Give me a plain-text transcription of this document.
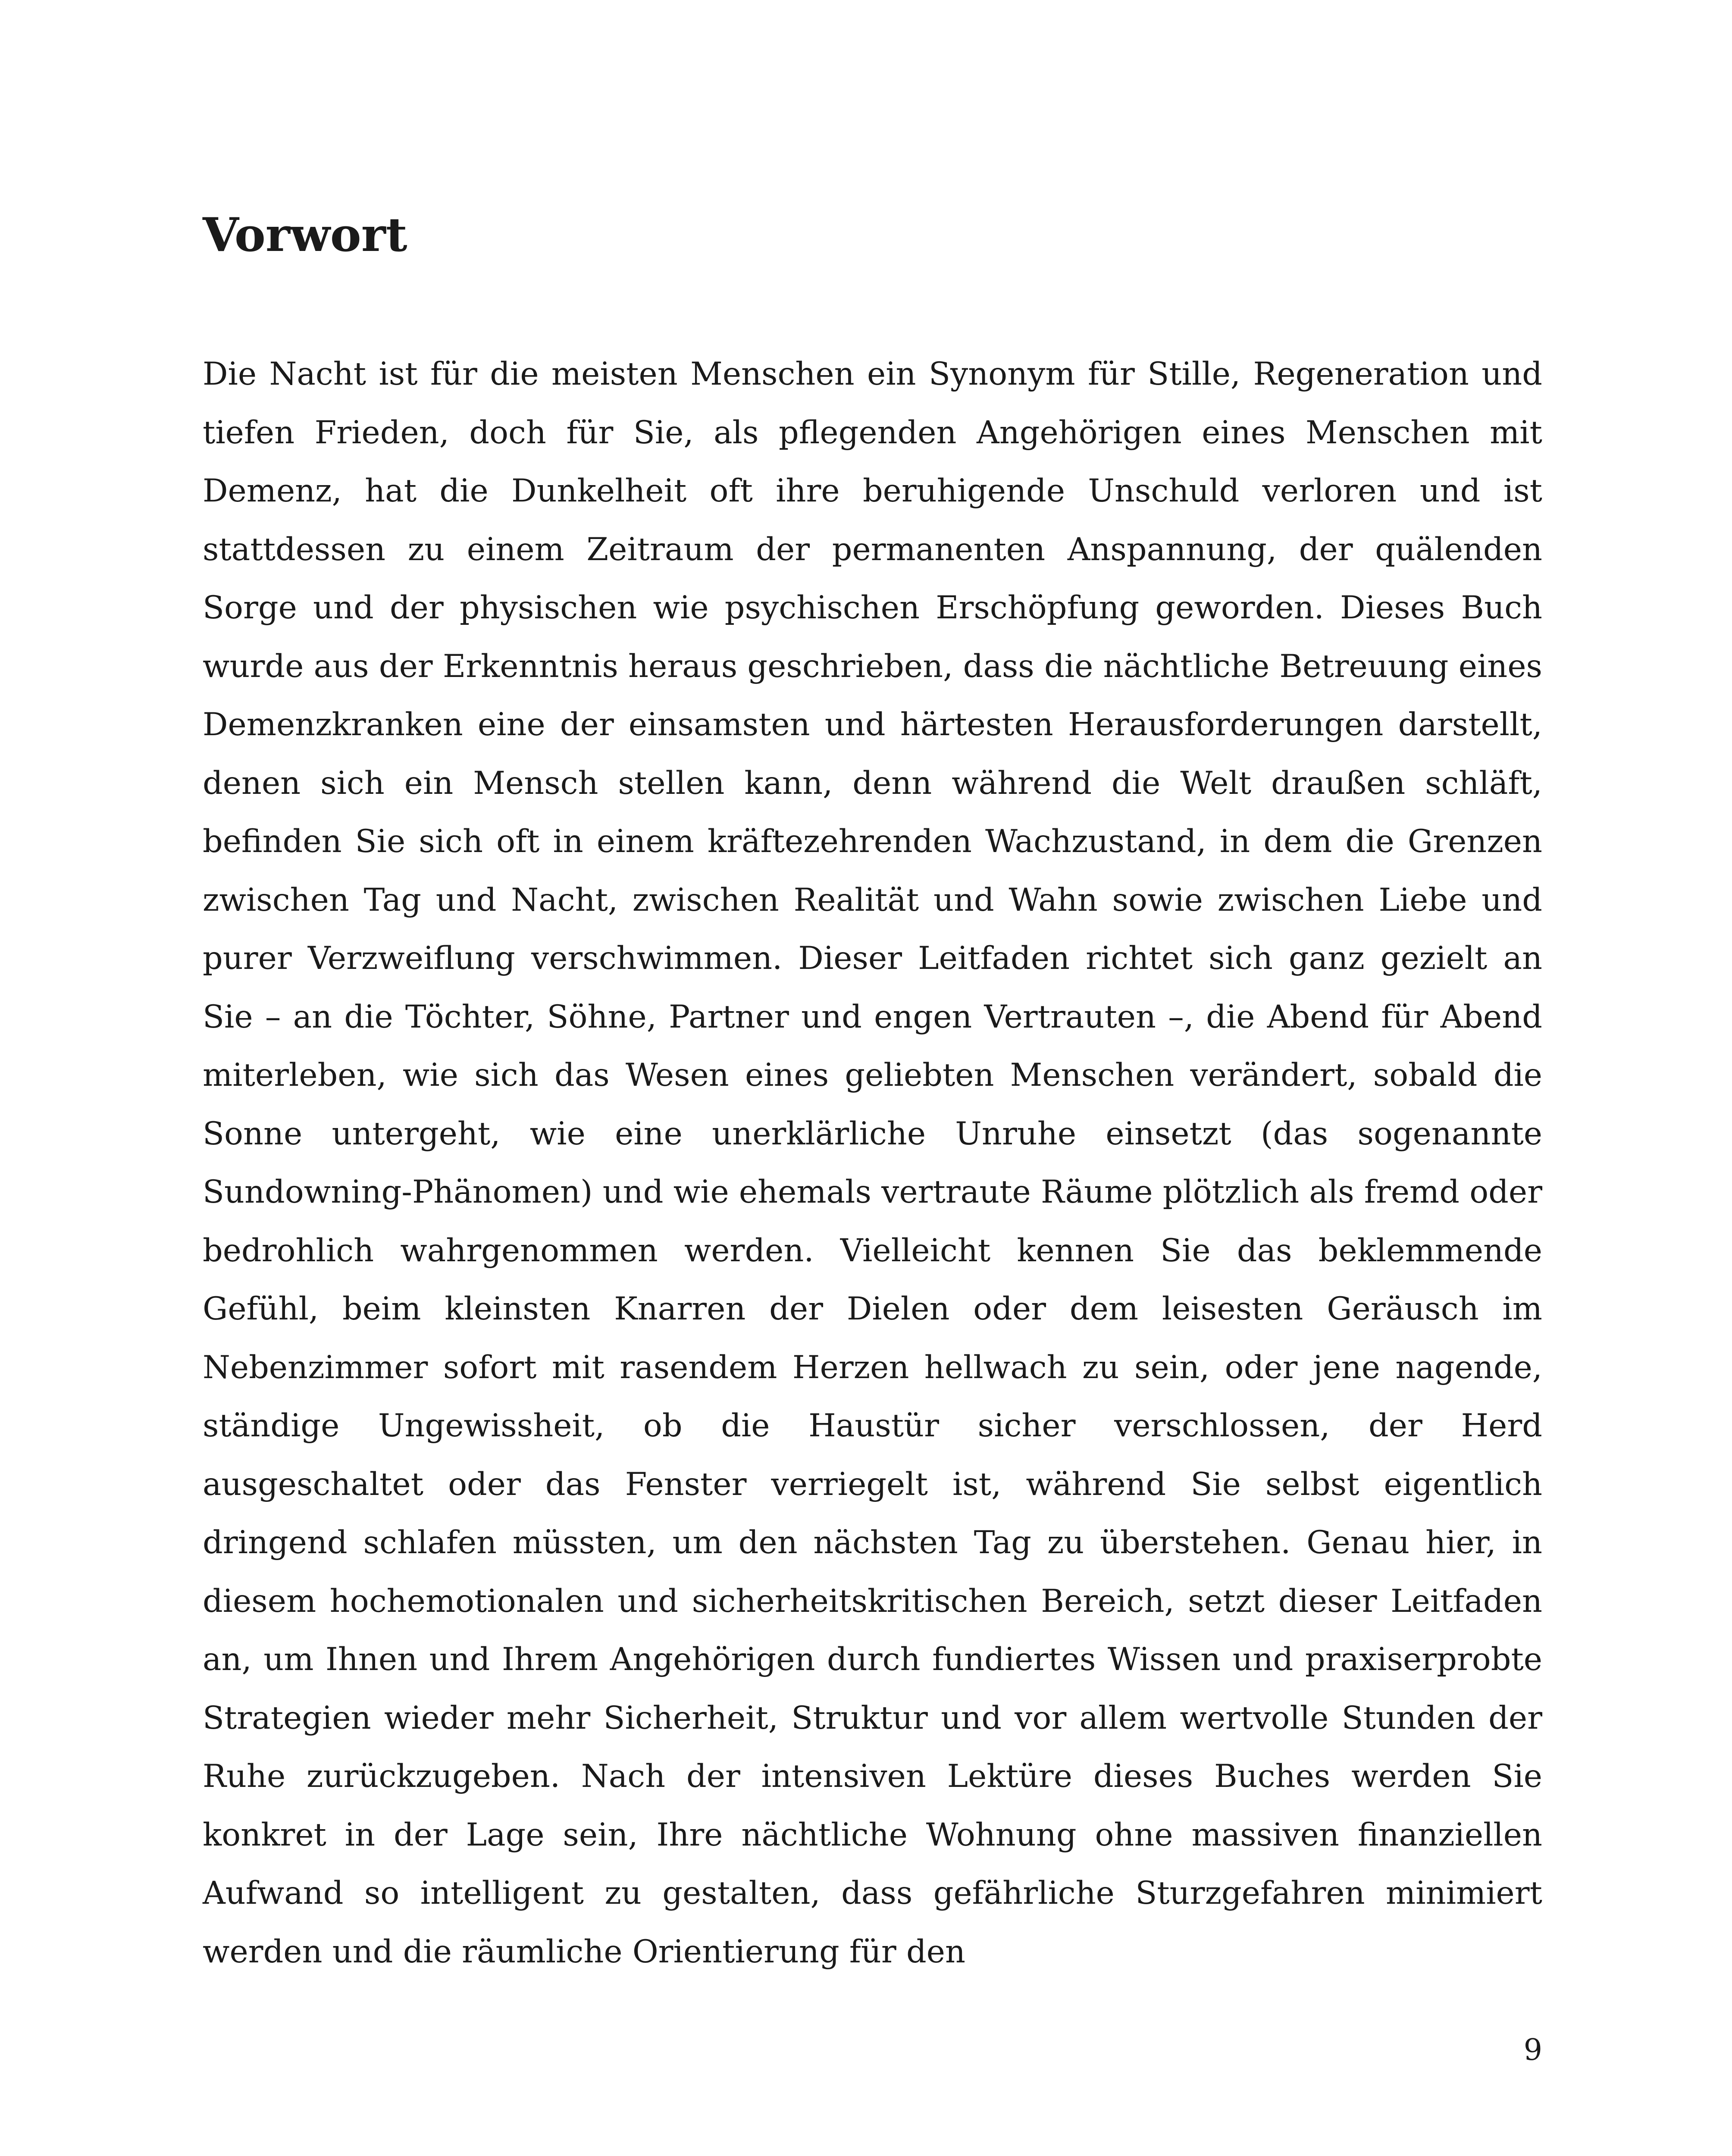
Vorwort

Die Nacht ist für die meisten Menschen ein Synonym für Stille, Regeneration und tiefen Frieden, doch für Sie, als pflegenden Angehörigen eines Menschen mit Demenz, hat die Dunkelheit oft ihre beruhigende Unschuld verloren und ist stattdessen zu einem Zeitraum der permanenten Anspannung, der quälenden Sorge und der physischen wie psychischen Erschöpfung geworden. Dieses Buch wurde aus der Erkenntnis heraus geschrieben, dass die nächtliche Betreuung eines Demenzkranken eine der einsamsten und härtesten Herausforderungen darstellt, denen sich ein Mensch stellen kann, denn während die Welt draußen schläft, befinden Sie sich oft in einem kräftezehrenden Wachzustand, in dem die Grenzen zwischen Tag und Nacht, zwischen Realität und Wahn sowie zwischen Liebe und purer Verzweiflung verschwimmen. Dieser Leitfaden richtet sich ganz gezielt an Sie – an die Töchter, Söhne, Partner und engen Vertrauten –, die Abend für Abend miterleben, wie sich das Wesen eines geliebten Menschen verändert, sobald die Sonne untergeht, wie eine unerklärliche Unruhe einsetzt (das sogenannte Sundowning-Phänomen) und wie ehemals vertraute Räume plötzlich als fremd oder bedrohlich wahrgenommen werden. Vielleicht kennen Sie das beklemmende Gefühl, beim kleinsten Knarren der Dielen oder dem leisesten Geräusch im Nebenzimmer sofort mit rasendem Herzen hellwach zu sein, oder jene nagende, ständige Ungewissheit, ob die Haustür sicher verschlossen, der Herd ausgeschaltet oder das Fenster verriegelt ist, während Sie selbst eigentlich dringend schlafen müssten, um den nächsten Tag zu überstehen. Genau hier, in diesem hochemotionalen und sicherheitskritischen Bereich, setzt dieser Leitfaden an, um Ihnen und Ihrem Angehörigen durch fundiertes Wissen und praxiserprobte Strategien wieder mehr Sicherheit, Struktur und vor allem wertvolle Stunden der Ruhe zurückzugeben. Nach der intensiven Lektüre dieses Buches werden Sie konkret in der Lage sein, Ihre nächtliche Wohnung ohne massiven finanziellen Aufwand so intelligent zu gestalten, dass gefährliche Sturzgefahren minimiert werden und die räumliche Orientierung für den

9
